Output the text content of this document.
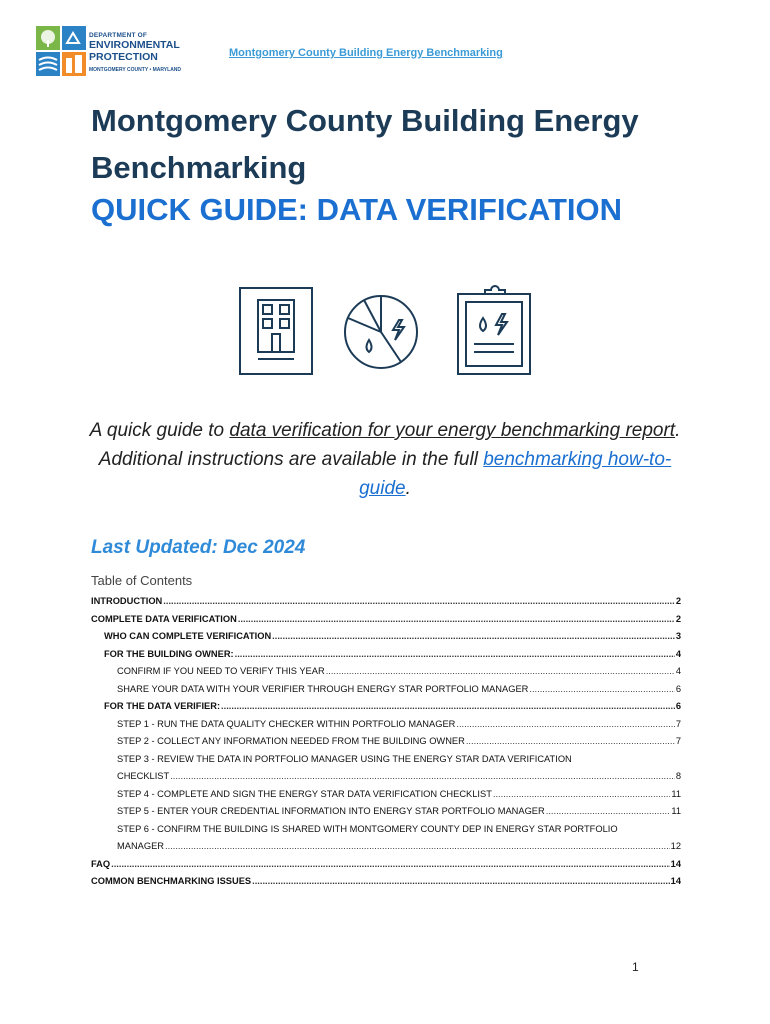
DEPARTMENT OF
ENVIRONMENTAL
PROTECTION
MONTGOMERY COUNTY • MARYLAND
Montgomery County Building Energy Benchmarking
Montgomery County Building Energy Benchmarking
QUICK GUIDE: DATA VERIFICATION
A quick guide to data verification for your energy benchmarking report. Additional instructions are available in the full benchmarking how-to-guide.
Last Updated: Dec 2024
Table of Contents
INTRODUCTION .....	2
COMPLETE DATA VERIFICATION .....	2
WHO CAN COMPLETE VERIFICATION .....	3
FOR THE BUILDING OWNER: .....	4
CONFIRM IF YOU NEED TO VERIFY THIS YEAR .....	4
SHARE YOUR DATA WITH YOUR VERIFIER THROUGH ENERGY STAR PORTFOLIO MANAGER .....	6
FOR THE DATA VERIFIER: .....	6
STEP 1 - RUN THE DATA QUALITY CHECKER WITHIN PORTFOLIO MANAGER .....	7
STEP 2 - COLLECT ANY INFORMATION NEEDED FROM THE BUILDING OWNER .....	7
STEP 3 - REVIEW THE DATA IN PORTFOLIO MANAGER USING THE ENERGY STAR DATA VERIFICATION
CHECKLIST .....	8
STEP 4 - COMPLETE AND SIGN THE ENERGY STAR DATA VERIFICATION CHECKLIST .....	11
STEP 5 - ENTER YOUR CREDENTIAL INFORMATION INTO ENERGY STAR PORTFOLIO MANAGER .....	11
STEP 6 - CONFIRM THE BUILDING IS SHARED WITH MONTGOMERY COUNTY DEP IN ENERGY STAR PORTFOLIO
MANAGER .....	12
FAQ .....	14
COMMON BENCHMARKING ISSUES .....	14
1
